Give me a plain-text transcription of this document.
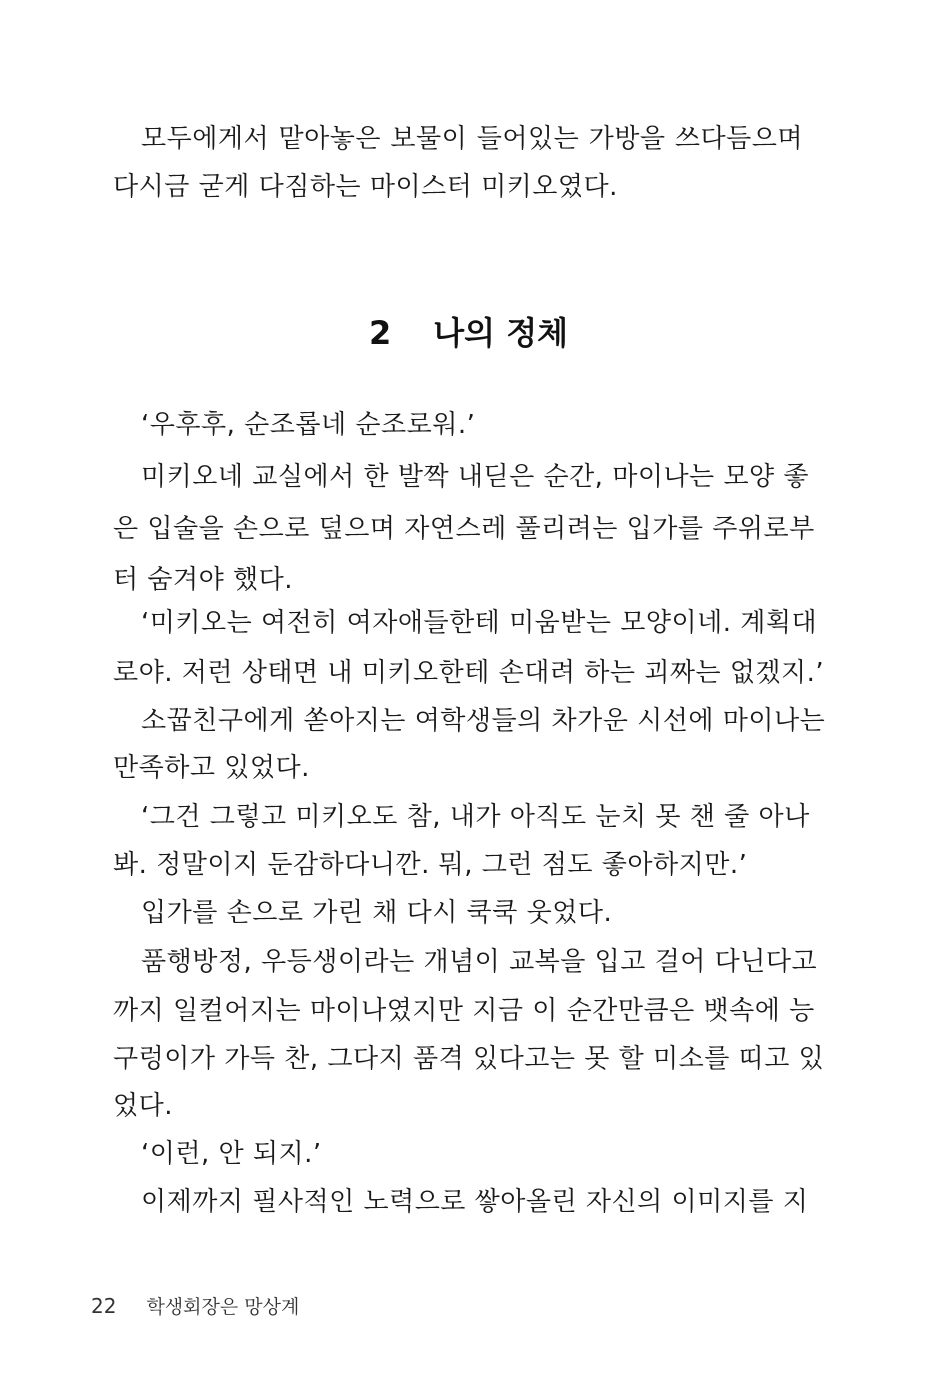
모두에게서 맡아놓은 보물이 들어있는 가방을 쓰다듬으며
다시금 굳게 다짐하는 마이스터 미키오였다.
2 나의 정체
‘우후후, 순조롭네 순조로워.’
미키오네 교실에서 한 발짝 내딛은 순간, 마이나는 모양 좋
은 입술을 손으로 덮으며 자연스레 풀리려는 입가를 주위로부
터 숨겨야 했다.
‘미키오는 여전히 여자애들한테 미움받는 모양이네. 계획대
로야. 저런 상태면 내 미키오한테 손대려 하는 괴짜는 없겠지.’
소꿉친구에게 쏟아지는 여학생들의 차가운 시선에 마이나는
만족하고 있었다.
‘그건 그렇고 미키오도 참, 내가 아직도 눈치 못 챈 줄 아나
봐. 정말이지 둔감하다니깐. 뭐, 그런 점도 좋아하지만.’
입가를 손으로 가린 채 다시 쿡쿡 웃었다.
품행방정, 우등생이라는 개념이 교복을 입고 걸어 다닌다고
까지 일컬어지는 마이나였지만 지금 이 순간만큼은 뱃속에 능
구렁이가 가득 찬, 그다지 품격 있다고는 못 할 미소를 띠고 있
었다.
‘이런, 안 되지.’
이제까지 필사적인 노력으로 쌓아올린 자신의 이미지를 지
22 학생회장은 망상계
